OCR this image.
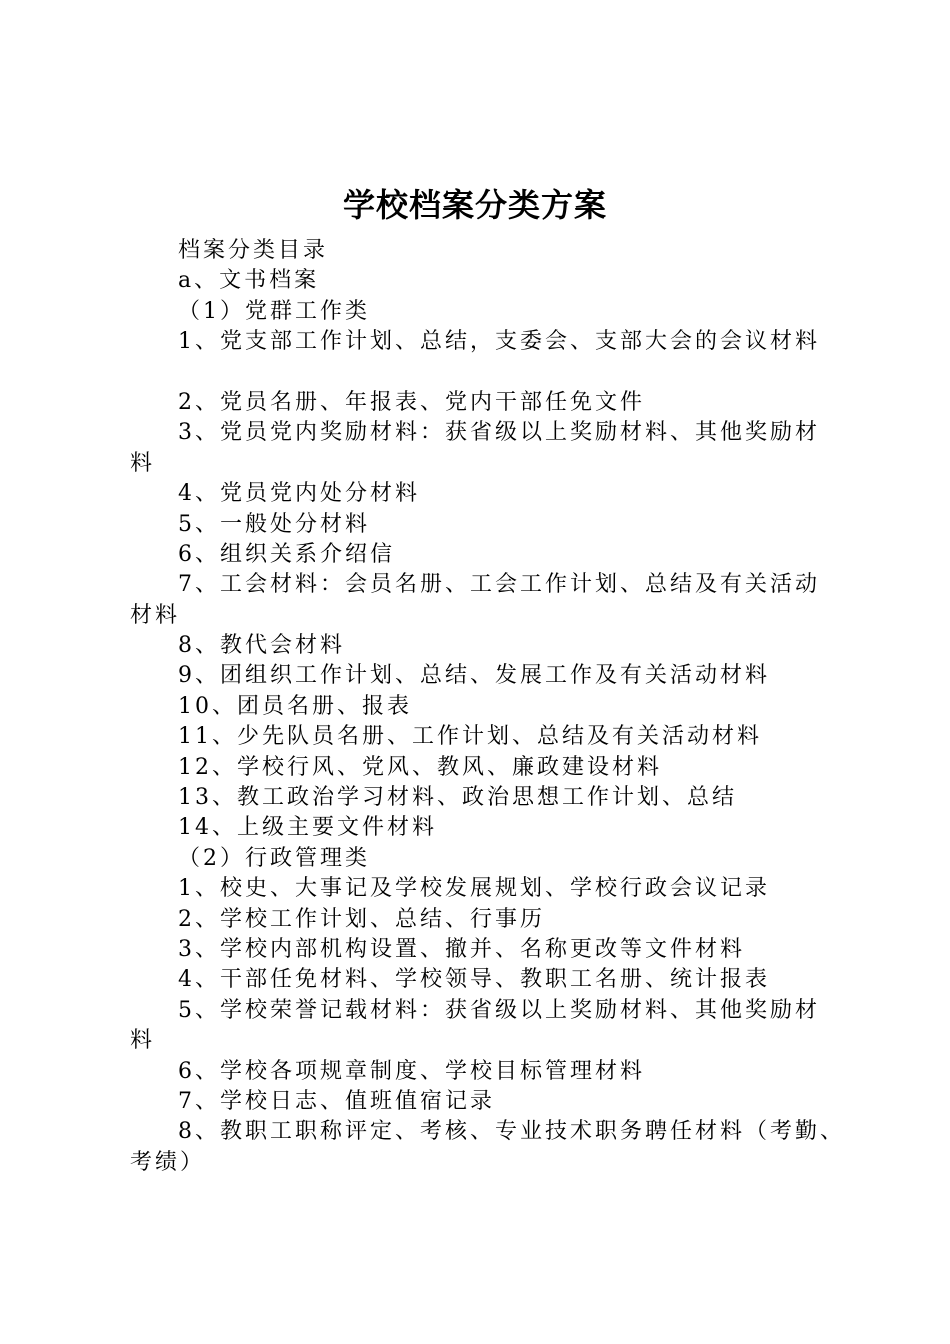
学校档案分类方案
档案分类目录
a、文书档案
（1）党群工作类
1、党支部工作计划、总结，支委会、支部大会的会议材料
2、党员名册、年报表、党内干部任免文件
3、党员党内奖励材料：获省级以上奖励材料、其他奖励材
料
4、党员党内处分材料
5、一般处分材料
6、组织关系介绍信
7、工会材料：会员名册、工会工作计划、总结及有关活动
材料
8、教代会材料
9、团组织工作计划、总结、发展工作及有关活动材料
10、团员名册、报表
11、少先队员名册、工作计划、总结及有关活动材料
12、学校行风、党风、教风、廉政建设材料
13、教工政治学习材料、政治思想工作计划、总结
14、上级主要文件材料
（2）行政管理类
1、校史、大事记及学校发展规划、学校行政会议记录
2、学校工作计划、总结、行事历
3、学校内部机构设置、撤并、名称更改等文件材料
4、干部任免材料、学校领导、教职工名册、统计报表
5、学校荣誉记载材料：获省级以上奖励材料、其他奖励材
料
6、学校各项规章制度、学校目标管理材料
7、学校日志、值班值宿记录
8、教职工职称评定、考核、专业技术职务聘任材料（考勤、
考绩）
